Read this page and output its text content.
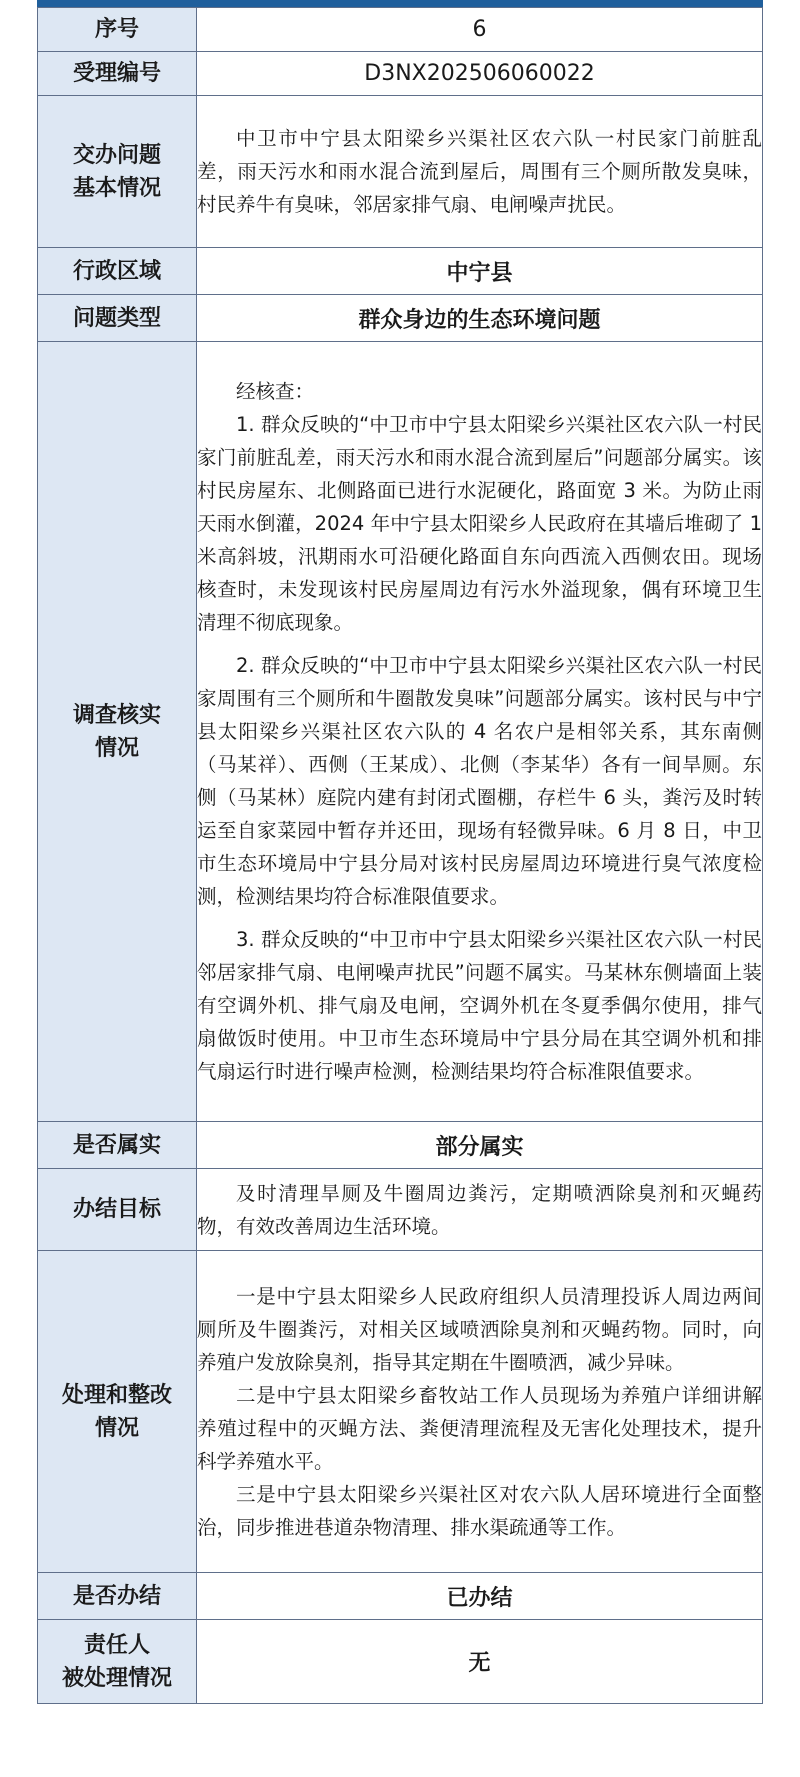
序号	6
受理编号	D3NX202506060022
交办问题
基本情况	中卫市中宁县太阳梁乡兴渠社区农六队一村民家门前脏乱差，雨天污水和雨水混合流到屋后，周围有三个厕所散发臭味，村民养牛有臭味，邻居家排气扇、电闸噪声扰民。

行政区域	中宁县
问题类型	群众身边的生态环境问题
调查核实
情况	经核查：
1. 群众反映的“中卫市中宁县太阳梁乡兴渠社区农六队一村民家门前脏乱差，雨天污水和雨水混合流到屋后”问题部分属实。该村民房屋东、北侧路面已进行水泥硬化，路面宽 3 米。为防止雨天雨水倒灌，2024 年中宁县太阳梁乡人民政府在其墙后堆砌了 1 米高斜坡，汛期雨水可沿硬化路面自东向西流入西侧农田。现场核查时，未发现该村民房屋周边有污水外溢现象，偶有环境卫生清理不彻底现象。
2. 群众反映的“中卫市中宁县太阳梁乡兴渠社区农六队一村民家周围有三个厕所和牛圈散发臭味”问题部分属实。该村民与中宁县太阳梁乡兴渠社区农六队的 4 名农户是相邻关系，其东南侧（马某祥）、西侧（王某成）、北侧（李某华）各有一间旱厕。东侧（马某林）庭院内建有封闭式圈棚，存栏牛 6 头，粪污及时转运至自家菜园中暂存并还田，现场有轻微异味。6 月 8 日，中卫市生态环境局中宁县分局对该村民房屋周边环境进行臭气浓度检测，检测结果均符合标准限值要求。
3. 群众反映的“中卫市中宁县太阳梁乡兴渠社区农六队一村民邻居家排气扇、电闸噪声扰民”问题不属实。马某林东侧墙面上装有空调外机、排气扇及电闸，空调外机在冬夏季偶尔使用，排气扇做饭时使用。中卫市生态环境局中宁县分局在其空调外机和排气扇运行时进行噪声检测，检测结果均符合标准限值要求。

是否属实	部分属实
办结目标	及时清理旱厕及牛圈周边粪污，定期喷洒除臭剂和灭蝇药物，有效改善周边生活环境。

处理和整改
情况	一是中宁县太阳梁乡人民政府组织人员清理投诉人周边两间厕所及牛圈粪污，对相关区域喷洒除臭剂和灭蝇药物。同时，向养殖户发放除臭剂，指导其定期在牛圈喷洒，减少异味。
二是中宁县太阳梁乡畜牧站工作人员现场为养殖户详细讲解养殖过程中的灭蝇方法、粪便清理流程及无害化处理技术，提升科学养殖水平。
三是中宁县太阳梁乡兴渠社区对农六队人居环境进行全面整治，同步推进巷道杂物清理、排水渠疏通等工作。

是否办结	已办结
责任人
被处理情况	无
